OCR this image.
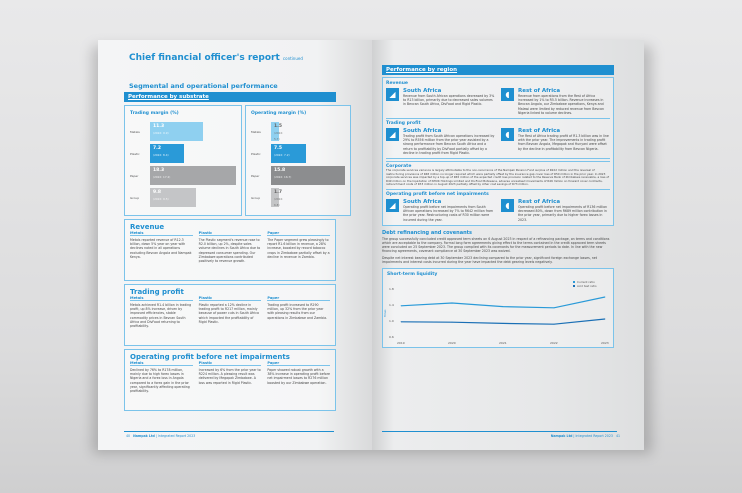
Chief financial officer's report continued
Segmental and operational performance
Performance by substrate
Trading margin (%)
Metals
11.3
(2022: 9.9)
Plastic
7.2
(2022: 8.4)
Paper
18.3
(2022: 17.2)
Group
9.8
(2022: 9.5)
Operating margin (%)
Metals
1.5
(2022: 5.7)
Plastic
7.5
(2022: 7.2)
Paper
15.8
(2022: 16.7)
Group
1.7
(2022: 6.8)
Revenue
Metals
Metals reported revenue of R12.3 billion, down 5% year on year with declines noted in all operations excluding Bevcan Angola and Nampak Kenya.
Plastic
The Plastic segment's revenue rose to R2.0 billion, up 2%, despite sales volume declines in South Africa due to depressed consumer spending. Our Zimbabwe operations contributed positively to revenue growth.
Paper
The Paper segment grew pleasingly to report R1.6 billion in revenue, a 28% increase, boosted by record tobacco crops in Zimbabwe partially offset by a decline in revenue in Zambia.
Trading profit
Metals
Metals achieved R1.4 billion in trading profit, up 8% increase, driven by improved efficiencies, stable commodity prices in Bevcan South Africa and DivFood returning to profitability.
Plastic
Plastic reported a 12% decline in trading profit to R217 million, mainly because of power cuts in South Africa which impacted the profitability of Rigid Plastic.
Paper
Trading profit increased to R290 million, up 32% from the prior year with pleasing results from our operations in Zimbabwe and Zambia.
Operating profit before net impairments
Metals
Declined by 76% to R178 million, mainly due to high forex losses in Nigeria and a forex loss in Angola compared to a forex gain in the prior year, significantly affecting operating profitability.
Plastic
Increased by 6% from the prior year to R224 million. A pleasing result was delivered by Megapak Zimbabwe. A loss was reported in Rigid Plastic.
Paper
Paper showed robust growth with a 38% increase in operating profit before net impairment losses to R276 million boosted by our Zimbabwe operation.
40 Nampak Ltd | Integrated Report 2023
Performance by region
Revenue
◢	South Africa
Revenue from South African operations decreased by 3% to R13 billion, primarily due to decreased sales volumes in Bevcan South Africa, DivFood and Rigid Plastic.
◖	Rest of Africa
Revenue from operations from the Rest of Africa increased by 1% to R5.5 billion. Revenue increases in Bevcan Angola, our Zimbabwe operations, Kenya and Malawi were limited by reduced revenue from Bevcan Nigeria linked to volume declines.
Trading profit
◢	South Africa
Trading profit from South African operations increased by 29% to R556 million from the prior year assisted by a strong performance from Bevcan South Africa and a return to profitability by DivFood partially offset by a decline in trading profit from Rigid Plastic.
◖	Rest of Africa
The Rest of Africa trading profit of R1.3 billion was in line with the prior year. The improvements in trading profit from Bevcan Angola, Megapak and Hunyani were offset by the decline in profitability from Bevcan Nigeria.
Corporate
The corporate services variance is largely attributable to the non-recurrence of the Nampak Pension Fund surplus of R222 million and the reversal of restructuring provisions of R48 million no longer required which were partially offset by the insurance gap cover loss of R50 million in the prior year. In 2023 corporate services was impacted by a top-up of R65 million of the expected credit loss provision related to the Reserve Bank of Zimbabwe receivable, a loss of R49 million on the liquidation of NHUK Holdings Limited and DivFood Botswana, adverse unrealised movements of R46 million on forward cover contracts, retrenchment costs of R33 million in August 2023 partially offset by other cost savings of R73 million.
Operating profit before net impairments
◢	South Africa
Operating profit before net impairments from South African operations increased by 7% to R642 million from the prior year. Restructuring costs of R30 million were incurred during the year.
◖	Rest of Africa
Operating profit before net impairments of R136 million decreased 80%, down from R689 million contribution in the prior year, primarily due to higher forex losses in 2023.
Debt refinancing and covenants
The group successfully concluded credit approved term sheets on 6 August 2023 in respect of a refinancing package, on terms and conditions which are acceptable to the company. Formal long form agreements giving effect to the terms contained in the credit approved term sheets were concluded on 25 September 2023. The group complied with its covenants for the measurement periods to date. In line with the new financing agreements, covenant compliance at 30 September 2023 was waived.
Despite net interest bearing debt at 30 September 2023 declining compared to the prior year, significant foreign exchange losses, net impairments and interest costs incurred during the year have impacted the debt gearing levels negatively.
Short-term liquidity
1.8
1.4
1.0
0.6
Times
2019	2020	2021	2022	2023
Current ratio
Acid test ratio
Nampak Ltd | Integrated Report 2023 41
